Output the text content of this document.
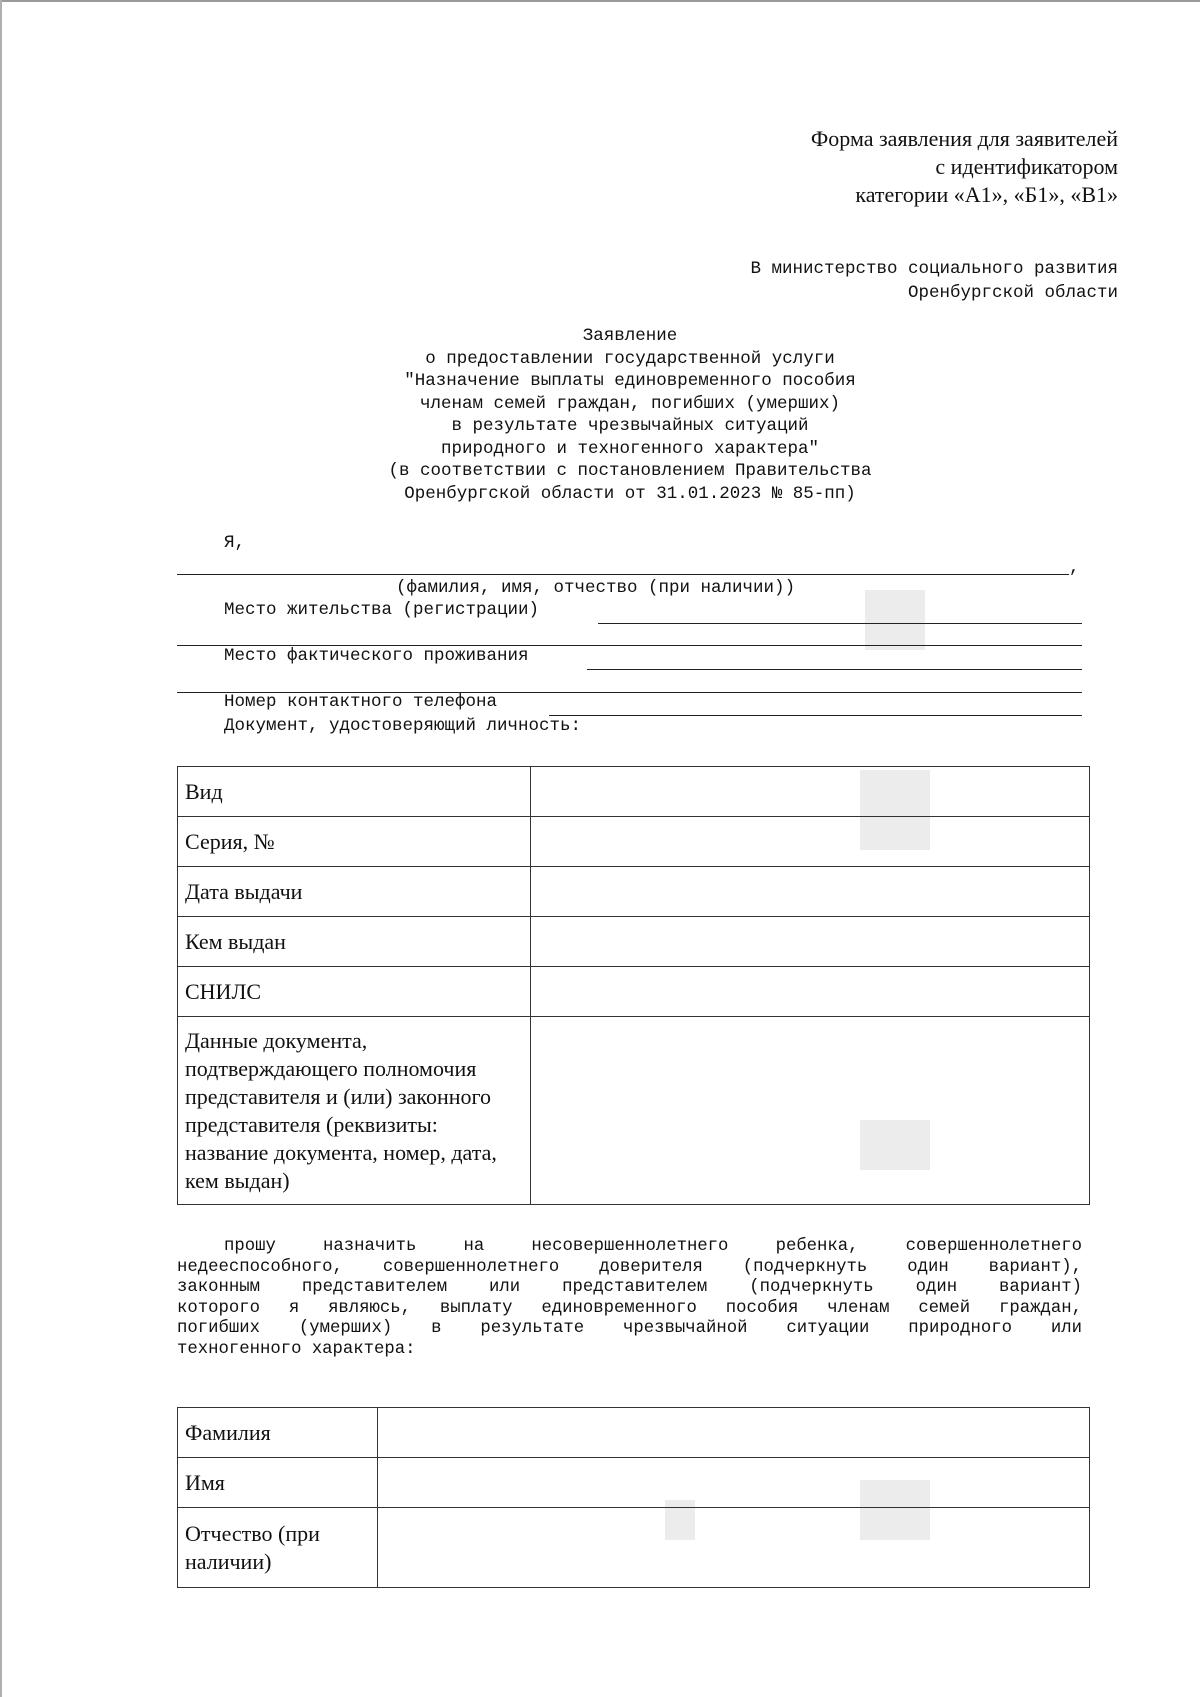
Форма заявления для заявителей
с идентификатором
категории «А1», «Б1», «В1»
В министерство социального развития
Оренбургской области
Заявление
о предоставлении государственной услуги
"Назначение выплаты единовременного пособия
членам семей граждан, погибших (умерших)
в результате чрезвычайных ситуаций
природного и техногенного характера"
(в соответствии с постановлением Правительства
Оренбургской области от 31.01.2023 № 85-пп)
Я,
,
(фамилия, имя, отчество (при наличии))
Место жительства (регистрации)
Место фактического проживания
Номер контактного телефона
Документ, удостоверяющий личность:
Вид	
Серия, №	
Дата выдачи	
Кем выдан	
СНИЛС	
Данные документа, подтверждающего полномочия представителя и (или) законного представителя (реквизиты: название документа, номер, дата, кем выдан)	
прошу назначить на несовершеннолетнего ребенка, совершеннолетнего
недееспособного, совершеннолетнего доверителя (подчеркнуть один вариант),
законным представителем или представителем (подчеркнуть один вариант)
которого я являюсь, выплату единовременного пособия членам семей граждан,
погибших (умерших) в результате чрезвычайной ситуации природного или
техногенного характера:
Фамилия	
Имя	
Отчество (при наличии)	
